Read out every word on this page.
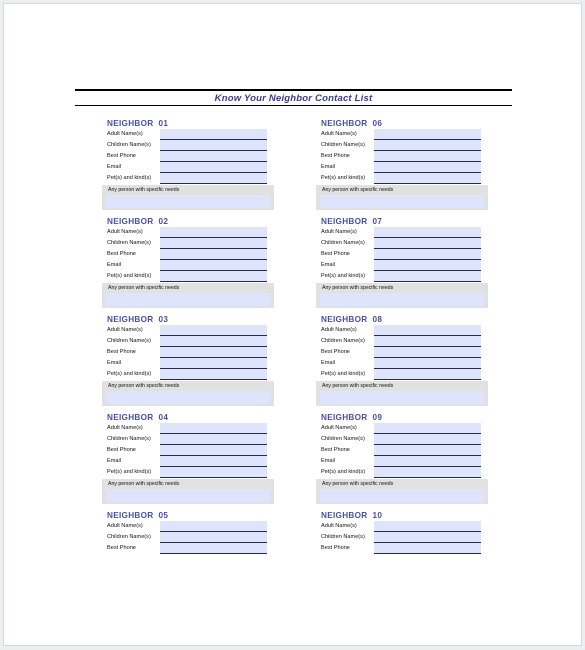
Know Your Neighbor Contact List
NEIGHBOR 01
Adult Name(s)
Children Name(s)
Best Phone
Email
Pet(s) and kind(s)
Any person with specific needs
NEIGHBOR 06
Adult Name(s)
Children Name(s)
Best Phone
Email
Pet(s) and kind(s)
Any person with specific needs
NEIGHBOR 02
Adult Name(s)
Children Name(s)
Best Phone
Email
Pet(s) and kind(s)
Any person with specific needs
NEIGHBOR 07
Adult Name(s)
Children Name(s)
Best Phone
Email
Pet(s) and kind(s)
Any person with specific needs
NEIGHBOR 03
Adult Name(s)
Children Name(s)
Best Phone
Email
Pet(s) and kind(s)
Any person with specific needs
NEIGHBOR 08
Adult Name(s)
Children Name(s)
Best Phone
Email
Pet(s) and kind(s)
Any person with specific needs
NEIGHBOR 04
Adult Name(s)
Children Name(s)
Best Phone
Email
Pet(s) and kind(s)
Any person with specific needs
NEIGHBOR 09
Adult Name(s)
Children Name(s)
Best Phone
Email
Pet(s) and kind(s)
Any person with specific needs
NEIGHBOR 05
Adult Name(s)
Children Name(s)
Best Phone
NEIGHBOR 10
Adult Name(s)
Children Name(s)
Best Phone
